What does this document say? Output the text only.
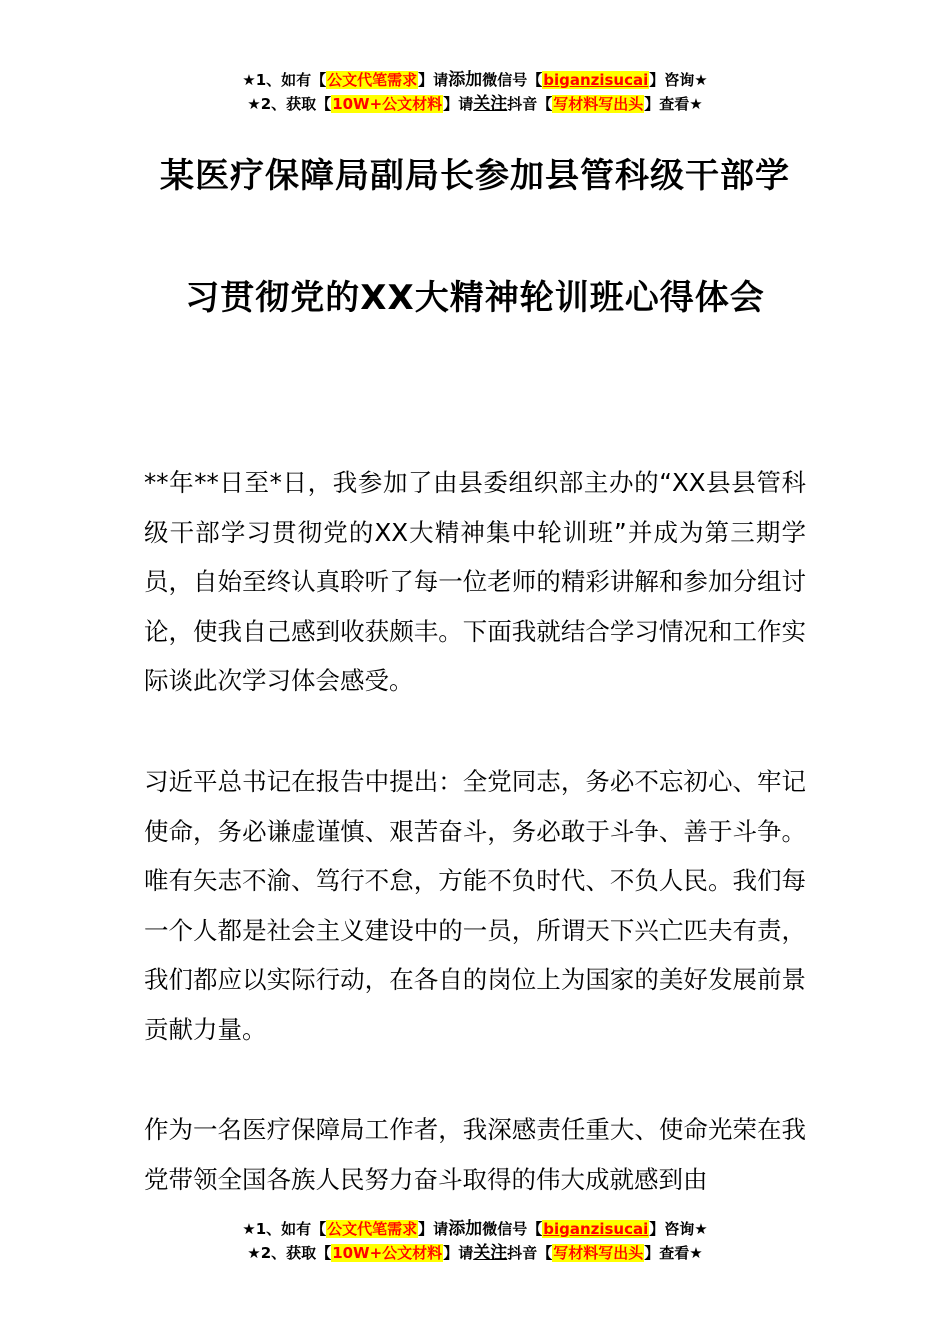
★1、如有【公文代笔需求】请添加微信号【biganzisucai】咨询★
★2、获取【10W+公文材料】请关注抖音【写材料写出头】查看★
某医疗保障局副局长参加县管科级干部学
习贯彻党的XX大精神轮训班心得体会

**年**日至*日，我参加了由县委组织部主办的“XX县县管科级干部学习贯彻党的XX大精神集中轮训班”并成为第三期学员，自始至终认真聆听了每一位老师的精彩讲解和参加分组讨论，使我自己感到收获颇丰。下面我就结合学习情况和工作实际谈此次学习体会感受。

习近平总书记在报告中提出：全党同志，务必不忘初心、牢记使命，务必谦虚谨慎、艰苦奋斗，务必敢于斗争、善于斗争。唯有矢志不渝、笃行不怠，方能不负时代、不负人民。我们每一个人都是社会主义建设中的一员，所谓天下兴亡匹夫有责，我们都应以实际行动，在各自的岗位上为国家的美好发展前景贡献力量。

作为一名医疗保障局工作者，我深感责任重大、使命光荣在我党带领全国各族人民努力奋斗取得的伟大成就感到由

★1、如有【公文代笔需求】请添加微信号【biganzisucai】咨询★
★2、获取【10W+公文材料】请关注抖音【写材料写出头】查看★
